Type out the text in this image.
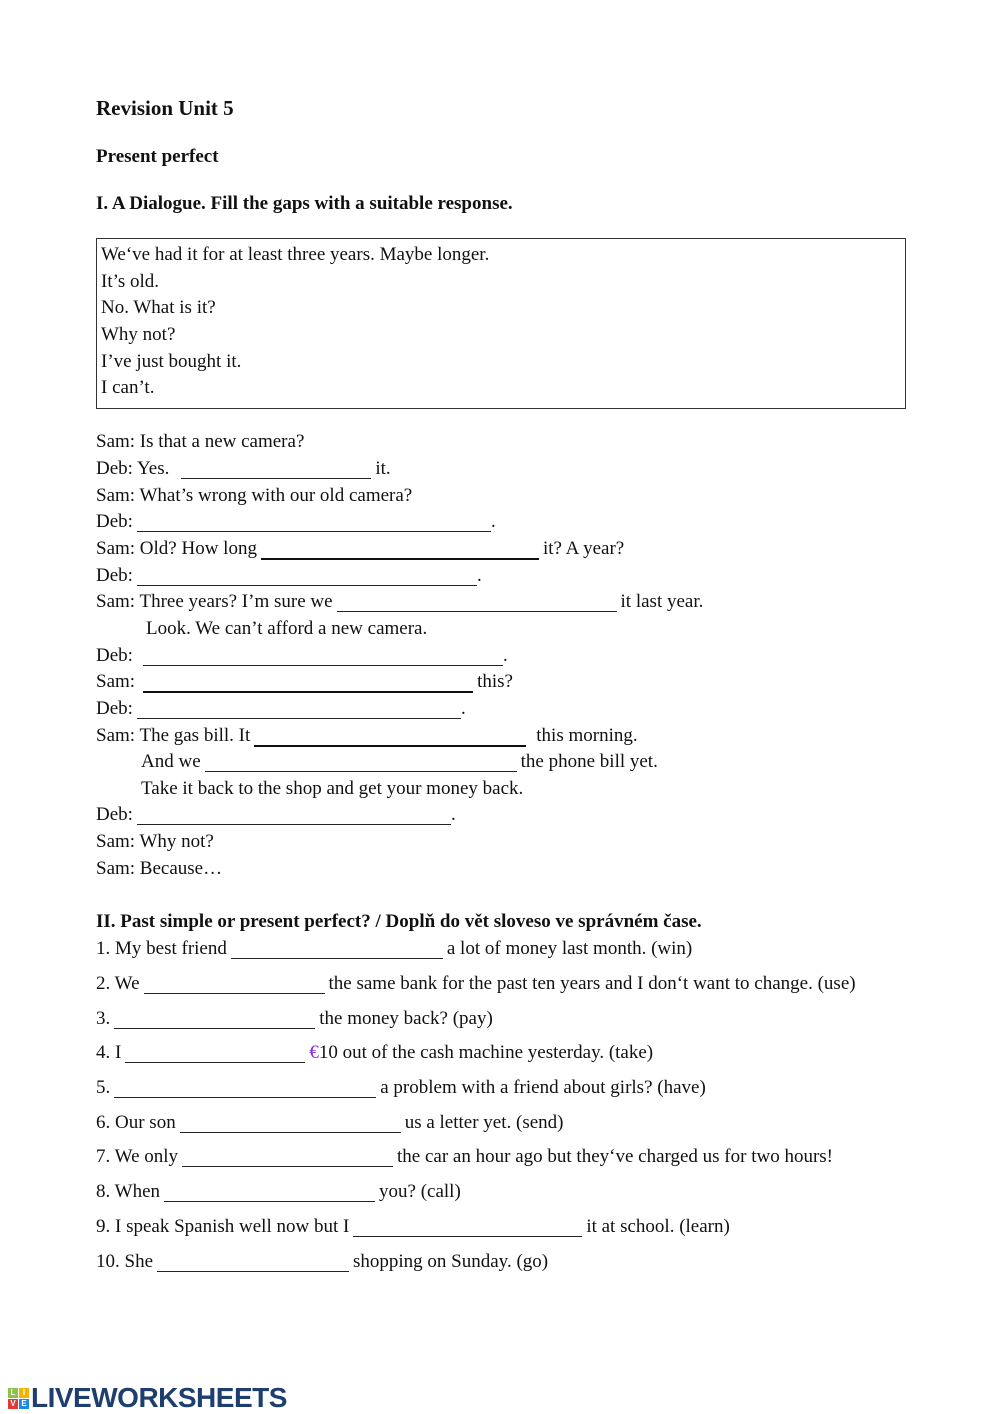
Revision Unit 5
Present perfect
I. A Dialogue. Fill the gaps with a suitable response.
We‘ve had it for at least three years. Maybe longer.
It’s old.
No. What is it?
Why not?
I’ve just bought it.
I can’t.
Sam: Is that a new camera?
Deb: Yes.	it.
Sam: What’s wrong with our old camera?
Deb:	.
Sam: Old? How long	it? A year?
Deb:	.
Sam: Three years? I’m sure we	it last year.
Look. We can’t afford a new camera.
Deb:	.
Sam:	this?
Deb:	.
Sam: The gas bill. It	this morning.
And we	the phone bill yet.
Take it back to the shop and get your money back.
Deb:	.
Sam: Why not?
Sam: Because…
II. Past simple or present perfect? / Doplň do vět sloveso ve správném čase.
1. My best friend	a lot of money last month. (win)
2. We	the same bank for the past ten years and I don‘t want to change. (use)
3.	the money back? (pay)
4. I	€10 out of the cash machine yesterday. (take)
5.	a problem with a friend about girls? (have)
6. Our son	us a letter yet. (send)
7. We only	the car an hour ago but they‘ve charged us for two hours!
8. When	you? (call)
9. I speak Spanish well now but I	it at school. (learn)
10. She	shopping on Sunday. (go)
L I
V E LIVEWORKSHEETS
